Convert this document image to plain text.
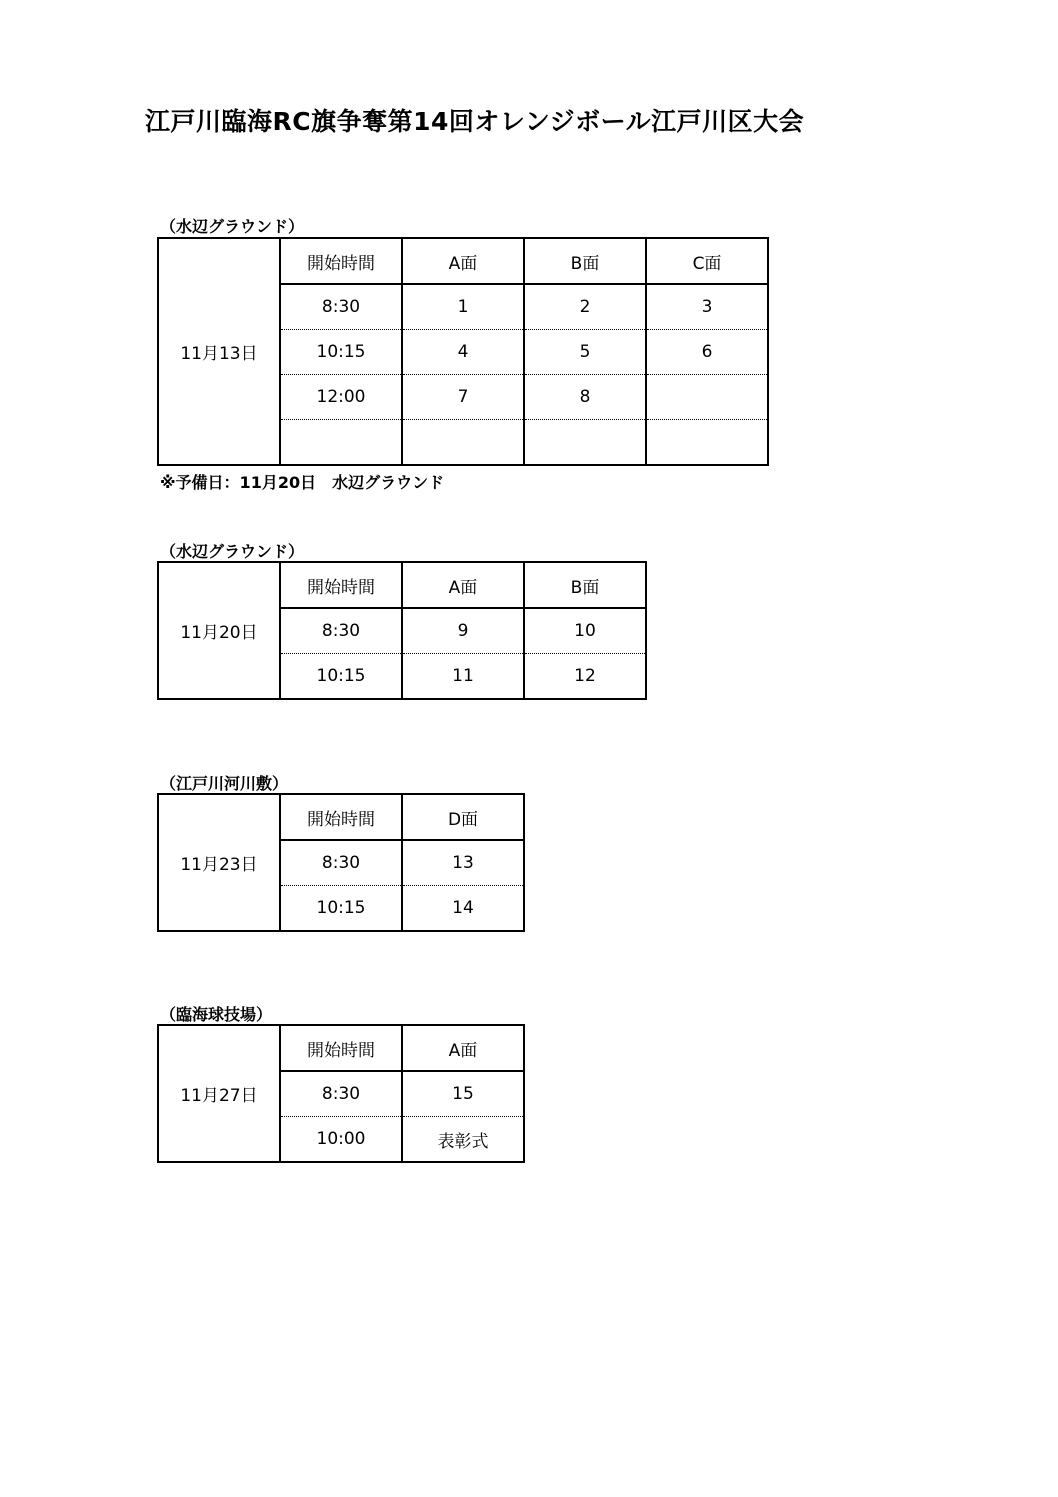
江戸川臨海RC旗争奪第14回オレンジボール江戸川区大会
（水辺グラウンド）
11月13日	開始時間	A面	B面	C面
	8:30	1	2	3
	10:15	4	5	6
	12:00	7	8	

※予備日：11月20日　水辺グラウンド
（水辺グラウンド）
11月20日	開始時間	A面	B面
	8:30	9	10
	10:15	11	12
（江戸川河川敷）
11月23日	開始時間	D面
	8:30	13
	10:15	14
（臨海球技場）
11月27日	開始時間	A面
	8:30	15
	10:00	表彰式
